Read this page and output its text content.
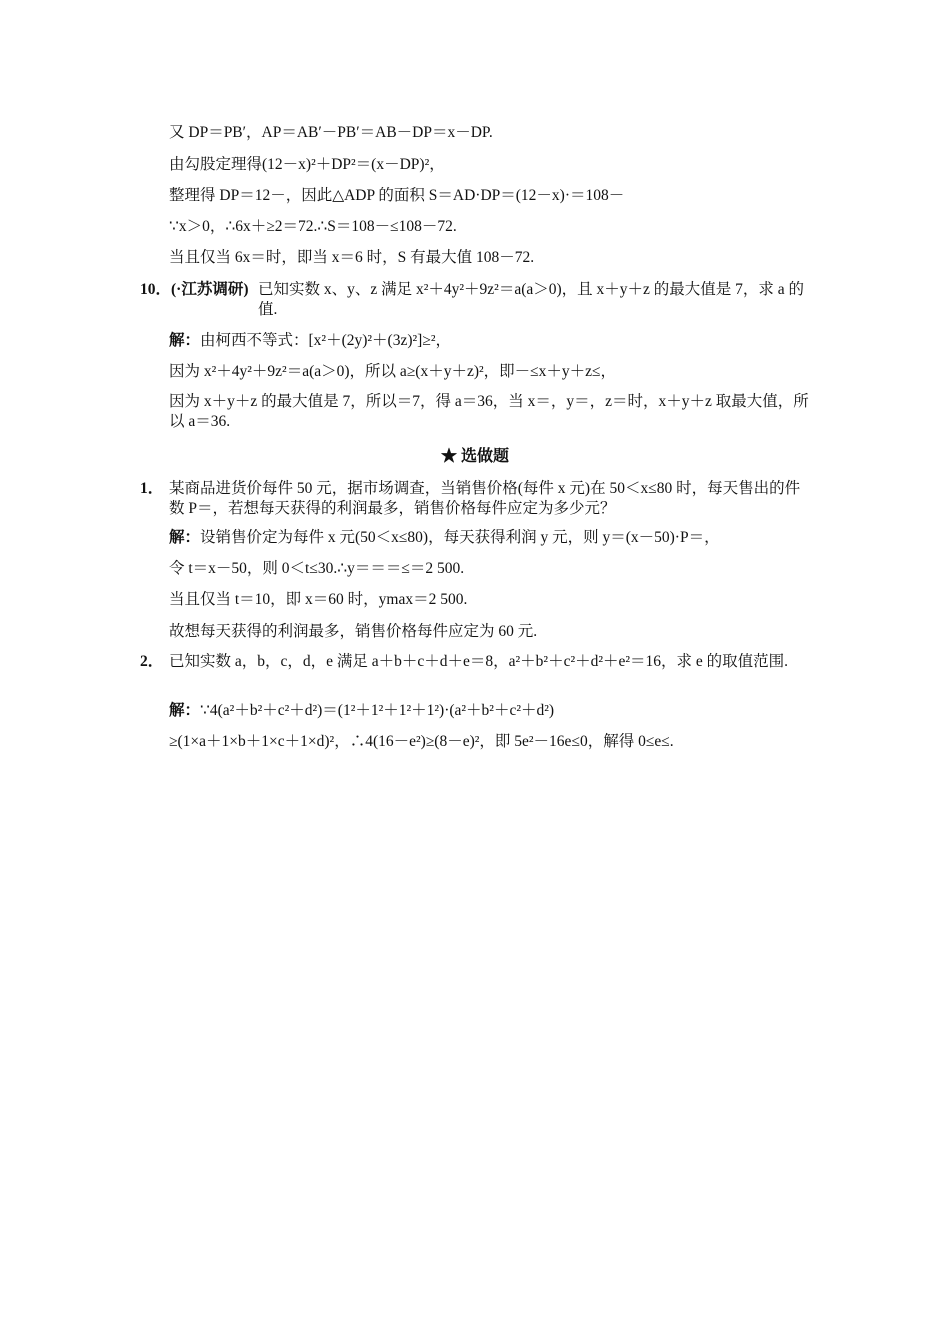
又 DP＝PB′，AP＝AB′－PB′＝AB－DP＝x－DP.
由勾股定理得(12－x)²＋DP²＝(x－DP)²，
整理得 DP＝12－，因此△ADP 的面积 S＝AD·DP＝(12－x)·＝108－
∵x＞0，∴6x＋≥2＝72.∴S＝108－≤108－72.
当且仅当 6x＝时，即当 x＝6 时，S 有最大值 108－72.
10．(·江苏调研) 已知实数 x、y、z 满足 x²＋4y²＋9z²＝a(a＞0)，且 x＋y＋z 的最大值是 7，求 a 的值.
解：由柯西不等式：[x²＋(2y)²＋(3z)²]≥²，
因为 x²＋4y²＋9z²＝a(a＞0)，所以 a≥(x＋y＋z)²，即－≤x＋y＋z≤，
因为 x＋y＋z 的最大值是 7，所以＝7，得 a＝36，当 x＝，y＝，z＝时，x＋y＋z 取最大值，所以 a＝36.
★ 选做题
1． 某商品进货价每件 50 元，据市场调查，当销售价格(每件 x 元)在 50＜x≤80 时，每天售出的件数 P＝，若想每天获得的利润最多，销售价格每件应定为多少元？
解：设销售价定为每件 x 元(50＜x≤80)，每天获得利润 y 元，则 y＝(x－50)·P＝，
令 t＝x－50，则 0＜t≤30.∴y＝＝＝≤＝2 500.
当且仅当 t＝10，即 x＝60 时，ymax＝2 500.
故想每天获得的利润最多，销售价格每件应定为 60 元.
2． 已知实数 a，b，c，d，e 满足 a＋b＋c＋d＋e＝8，a²＋b²＋c²＋d²＋e²＝16，求 e 的取值范围.
解：∵4(a²＋b²＋c²＋d²)＝(1²＋1²＋1²＋1²)·(a²＋b²＋c²＋d²)
≥(1×a＋1×b＋1×c＋1×d)²，∴4(16－e²)≥(8－e)²，即 5e²－16e≤0，解得 0≤e≤.
